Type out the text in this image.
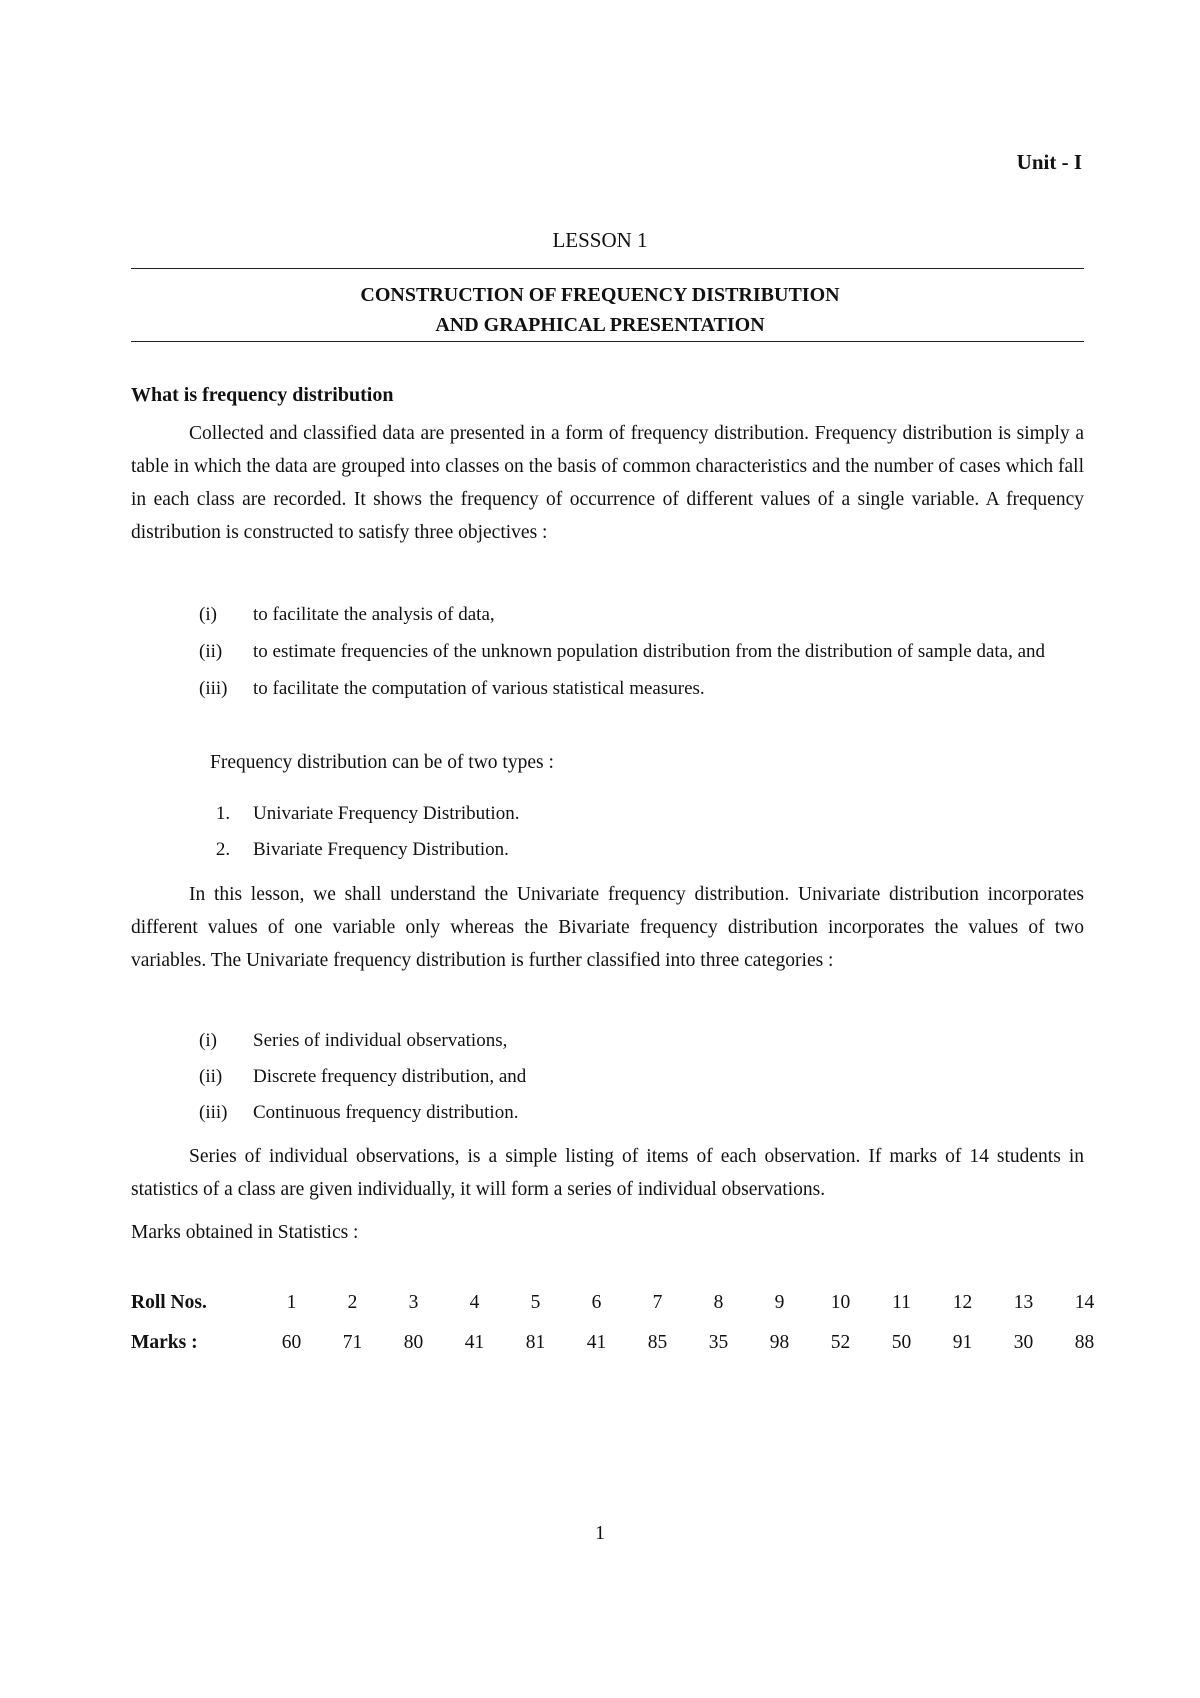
Unit - I
LESSON 1
CONSTRUCTION OF FREQUENCY DISTRIBUTION
AND GRAPHICAL PRESENTATION
What is frequency distribution
Collected and classified data are presented in a form of frequency distribution. Frequency distribution is simply a table in which the data are grouped into classes on the basis of common characteristics and the number of cases which fall in each class are recorded. It shows the frequency of occurrence of different values of a single variable. A frequency distribution is constructed to satisfy three objectives :
(i)	to facilitate the analysis of data,
(ii)	to estimate frequencies of the unknown population distribution from the distribution of sample data, and
(iii)	to facilitate the computation of various statistical measures.
Frequency distribution can be of two types :
1.	Univariate Frequency Distribution.
2.	Bivariate Frequency Distribution.
In this lesson, we shall understand the Univariate frequency distribution. Univariate distribution incorporates different values of one variable only whereas the Bivariate frequency distribution incorporates the values of two variables. The Univariate frequency distribution is further classified into three categories :
(i)	Series of individual observations,
(ii)	Discrete frequency distribution, and
(iii)	Continuous frequency distribution.
Series of individual observations, is a simple listing of items of each observation. If marks of 14 students in statistics of a class are given individually, it will form a series of individual observations.
Marks obtained in Statistics :
Roll Nos.	1	2	3	4	5	6	7	8	9	10	11	12	13	14
Marks :	60	71	80	41	81	41	85	35	98	52	50	91	30	88
1
